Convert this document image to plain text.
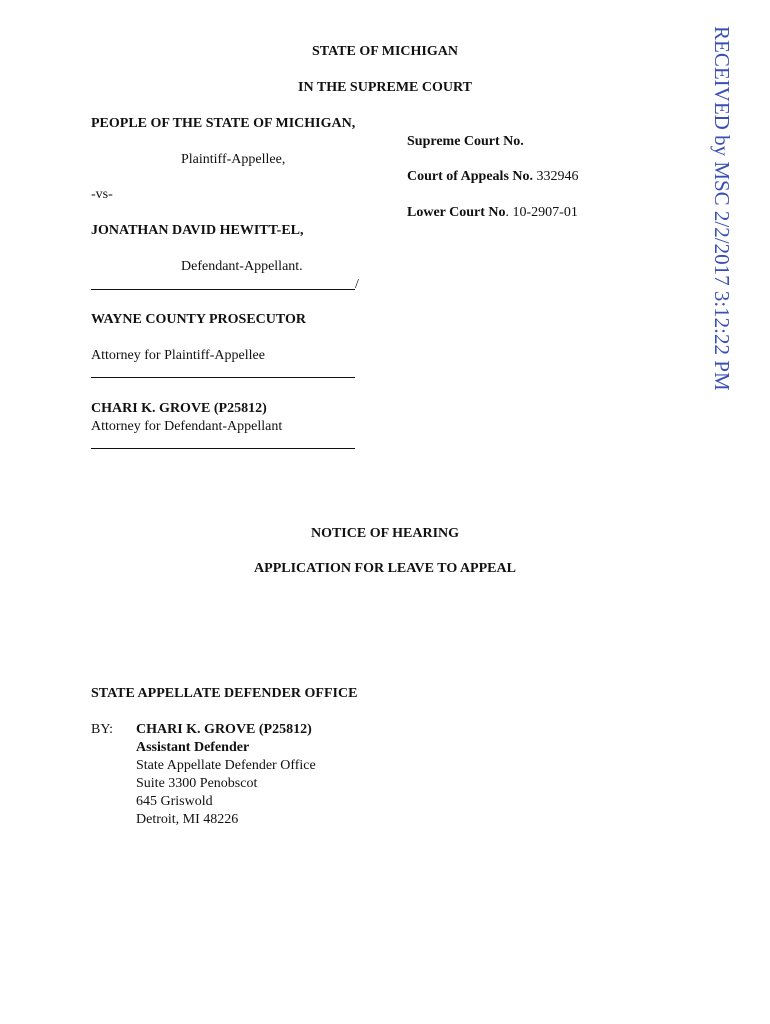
RECEIVED by MSC 2/2/2017 3:12:22 PM
STATE OF MICHIGAN
IN THE SUPREME COURT
PEOPLE OF THE STATE OF MICHIGAN,
Plaintiff-Appellee,
-vs-
JONATHAN DAVID HEWITT-EL,
Defendant-Appellant.
/
Supreme Court No.
Court of Appeals No. 332946
Lower Court No. 10-2907-01
WAYNE COUNTY PROSECUTOR
Attorney for Plaintiff-Appellee
CHARI K. GROVE (P25812)
Attorney for Defendant-Appellant
NOTICE OF HEARING
APPLICATION FOR LEAVE TO APPEAL
STATE APPELLATE DEFENDER OFFICE
BY: CHARI K. GROVE (P25812)
Assistant Defender
State Appellate Defender Office
Suite 3300 Penobscot
645 Griswold
Detroit, MI 48226
